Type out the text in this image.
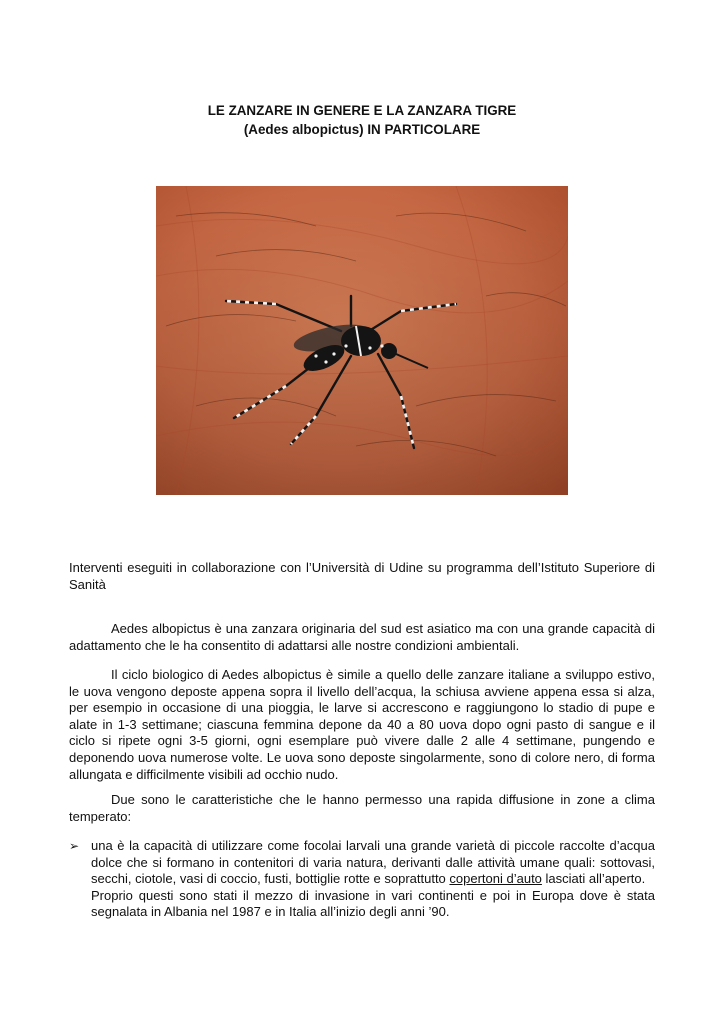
LE ZANZARE IN GENERE E LA ZANZARA TIGRE
(Aedes albopictus) IN PARTICOLARE
Interventi eseguiti in collaborazione con l’Università di Udine su programma dell’Istituto Superiore di Sanità
Aedes albopictus è una zanzara originaria del sud est asiatico ma con una grande capacità di adattamento che le ha consentito di adattarsi alle nostre condizioni ambientali.
Il ciclo biologico di Aedes albopictus è simile a quello delle zanzare italiane a sviluppo estivo, le uova vengono deposte appena sopra il livello dell’acqua, la schiusa avviene appena essa si alza, per esempio in occasione di una pioggia, le larve si accrescono e raggiungono lo stadio di pupe e alate in 1-3 settimane; ciascuna femmina depone da 40 a 80 uova dopo ogni pasto di sangue e il ciclo si ripete ogni 3-5 giorni, ogni esemplare può vivere dalle 2 alle 4 settimane, pungendo e deponendo uova numerose volte. Le uova sono deposte singolarmente, sono di colore nero, di forma allungata e difficilmente visibili ad occhio nudo.
Due sono le caratteristiche che le hanno permesso una rapida diffusione in zone a clima temperato:
➢ una è la capacità di utilizzare come focolai larvali una grande varietà di piccole raccolte d’acqua dolce che si formano in contenitori di varia natura, derivanti dalle attività umane quali: sottovasi, secchi, ciotole, vasi di coccio, fusti, bottiglie rotte e soprattutto copertoni d’auto lasciati all’aperto.
Proprio questi sono stati il mezzo di invasione in vari continenti e poi in Europa dove è stata segnalata in Albania nel 1987 e in Italia all’inizio degli anni ’90.
